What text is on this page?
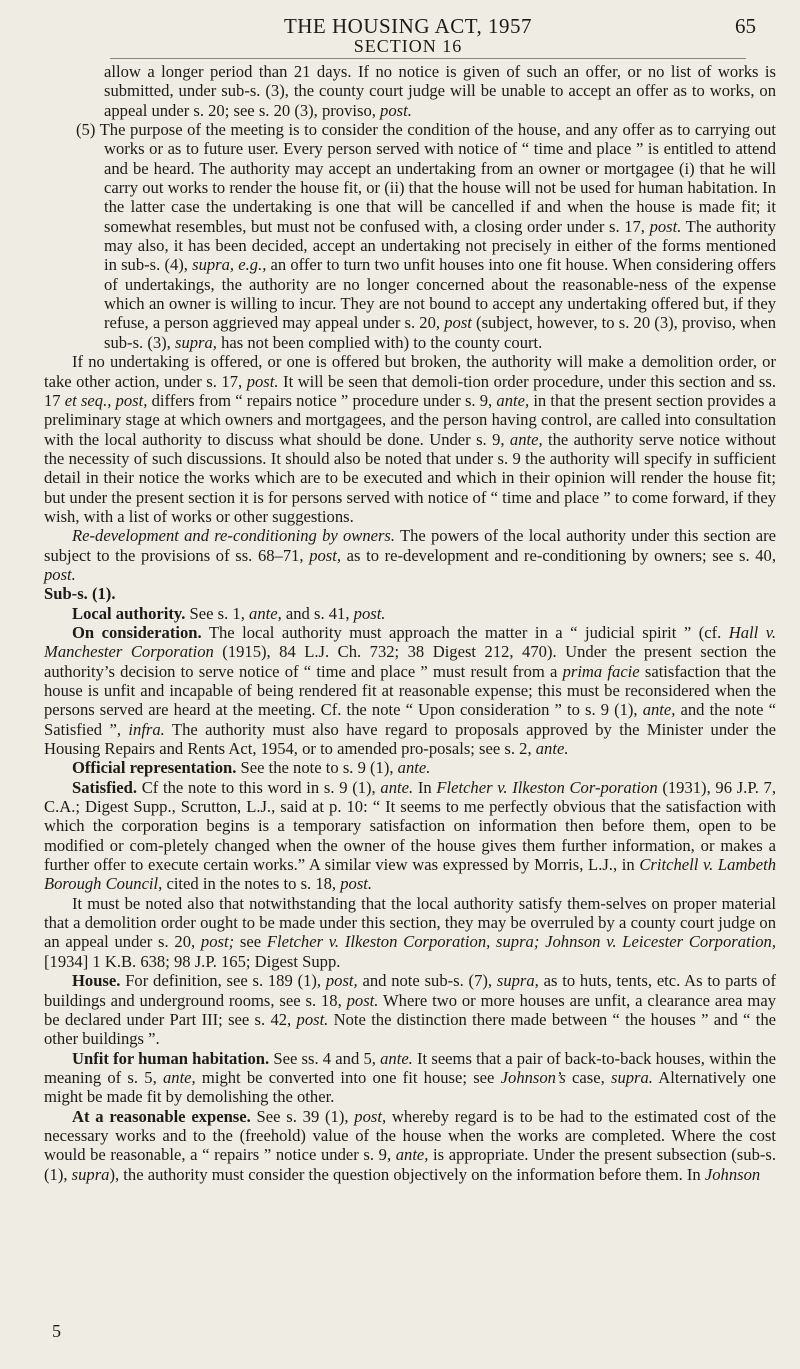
THE HOUSING ACT, 1957
SECTION 16
65

allow a longer period than 21 days. If no notice is given of such an offer, or no list of works is submitted, under sub-s. (3), the county court judge will be unable to accept an offer as to works, on appeal under s. 20; see s. 20 (3), proviso, post.

(5) The purpose of the meeting is to consider the condition of the house, and any offer as to carrying out works or as to future user. Every person served with notice of “ time and place ” is entitled to attend and be heard. The authority may accept an undertaking from an owner or mortgagee (i) that he will carry out works to render the house fit, or (ii) that the house will not be used for human habitation. In the latter case the undertaking is one that will be cancelled if and when the house is made fit; it somewhat resembles, but must not be confused with, a closing order under s. 17, post. The authority may also, it has been decided, accept an undertaking not precisely in either of the forms mentioned in sub-s. (4), supra, e.g., an offer to turn two unfit houses into one fit house. When considering offers of undertakings, the authority are no longer concerned about the reasonable-ness of the expense which an owner is willing to incur. They are not bound to accept any undertaking offered but, if they refuse, a person aggrieved may appeal under s. 20, post (subject, however, to s. 20 (3), proviso, when sub-s. (3), supra, has not been complied with) to the county court.

If no undertaking is offered, or one is offered but broken, the authority will make a demolition order, or take other action, under s. 17, post. It will be seen that demoli-tion order procedure, under this section and ss. 17 et seq., post, differs from “ repairs notice ” procedure under s. 9, ante, in that the present section provides a preliminary stage at which owners and mortgagees, and the person having control, are called into consultation with the local authority to discuss what should be done. Under s. 9, ante, the authority serve notice without the necessity of such discussions. It should also be noted that under s. 9 the authority will specify in sufficient detail in their notice the works which are to be executed and which in their opinion will render the house fit; but under the present section it is for persons served with notice of “ time and place ” to come forward, if they wish, with a list of works or other suggestions.

Re-development and re-conditioning by owners. The powers of the local authority under this section are subject to the provisions of ss. 68–71, post, as to re-development and re-conditioning by owners; see s. 40, post.

Sub-s. (1).

Local authority. See s. 1, ante, and s. 41, post.

On consideration. The local authority must approach the matter in a “ judicial spirit ” (cf. Hall v. Manchester Corporation (1915), 84 L.J. Ch. 732; 38 Digest 212, 470). Under the present section the authority’s decision to serve notice of “ time and place ” must result from a prima facie satisfaction that the house is unfit and incapable of being rendered fit at reasonable expense; this must be reconsidered when the persons served are heard at the meeting. Cf. the note “ Upon consideration ” to s. 9 (1), ante, and the note “ Satisfied ”, infra. The authority must also have regard to proposals approved by the Minister under the Housing Repairs and Rents Act, 1954, or to amended pro-posals; see s. 2, ante.

Official representation. See the note to s. 9 (1), ante.

Satisfied. Cf the note to this word in s. 9 (1), ante. In Fletcher v. Ilkeston Cor-poration (1931), 96 J.P. 7, C.A.; Digest Supp., Scrutton, L.J., said at p. 10: “ It seems to me perfectly obvious that the satisfaction with which the corporation begins is a temporary satisfaction on information then before them, open to be modified or com-pletely changed when the owner of the house gives them further information, or makes a further offer to execute certain works.” A similar view was expressed by Morris, L.J., in Critchell v. Lambeth Borough Council, cited in the notes to s. 18, post.

It must be noted also that notwithstanding that the local authority satisfy them-selves on proper material that a demolition order ought to be made under this section, they may be overruled by a county court judge on an appeal under s. 20, post; see Fletcher v. Ilkeston Corporation, supra; Johnson v. Leicester Corporation, [1934] 1 K.B. 638; 98 J.P. 165; Digest Supp.

House. For definition, see s. 189 (1), post, and note sub-s. (7), supra, as to huts, tents, etc. As to parts of buildings and underground rooms, see s. 18, post. Where two or more houses are unfit, a clearance area may be declared under Part III; see s. 42, post. Note the distinction there made between “ the houses ” and “ the other buildings ”.

Unfit for human habitation. See ss. 4 and 5, ante. It seems that a pair of back-to-back houses, within the meaning of s. 5, ante, might be converted into one fit house; see Johnson’s case, supra. Alternatively one might be made fit by demolishing the other.

At a reasonable expense. See s. 39 (1), post, whereby regard is to be had to the estimated cost of the necessary works and to the (freehold) value of the house when the works are completed. Where the cost would be reasonable, a “ repairs ” notice under s. 9, ante, is appropriate. Under the present subsection (sub-s. (1), supra), the authority must consider the question objectively on the information before them. In Johnson

5
